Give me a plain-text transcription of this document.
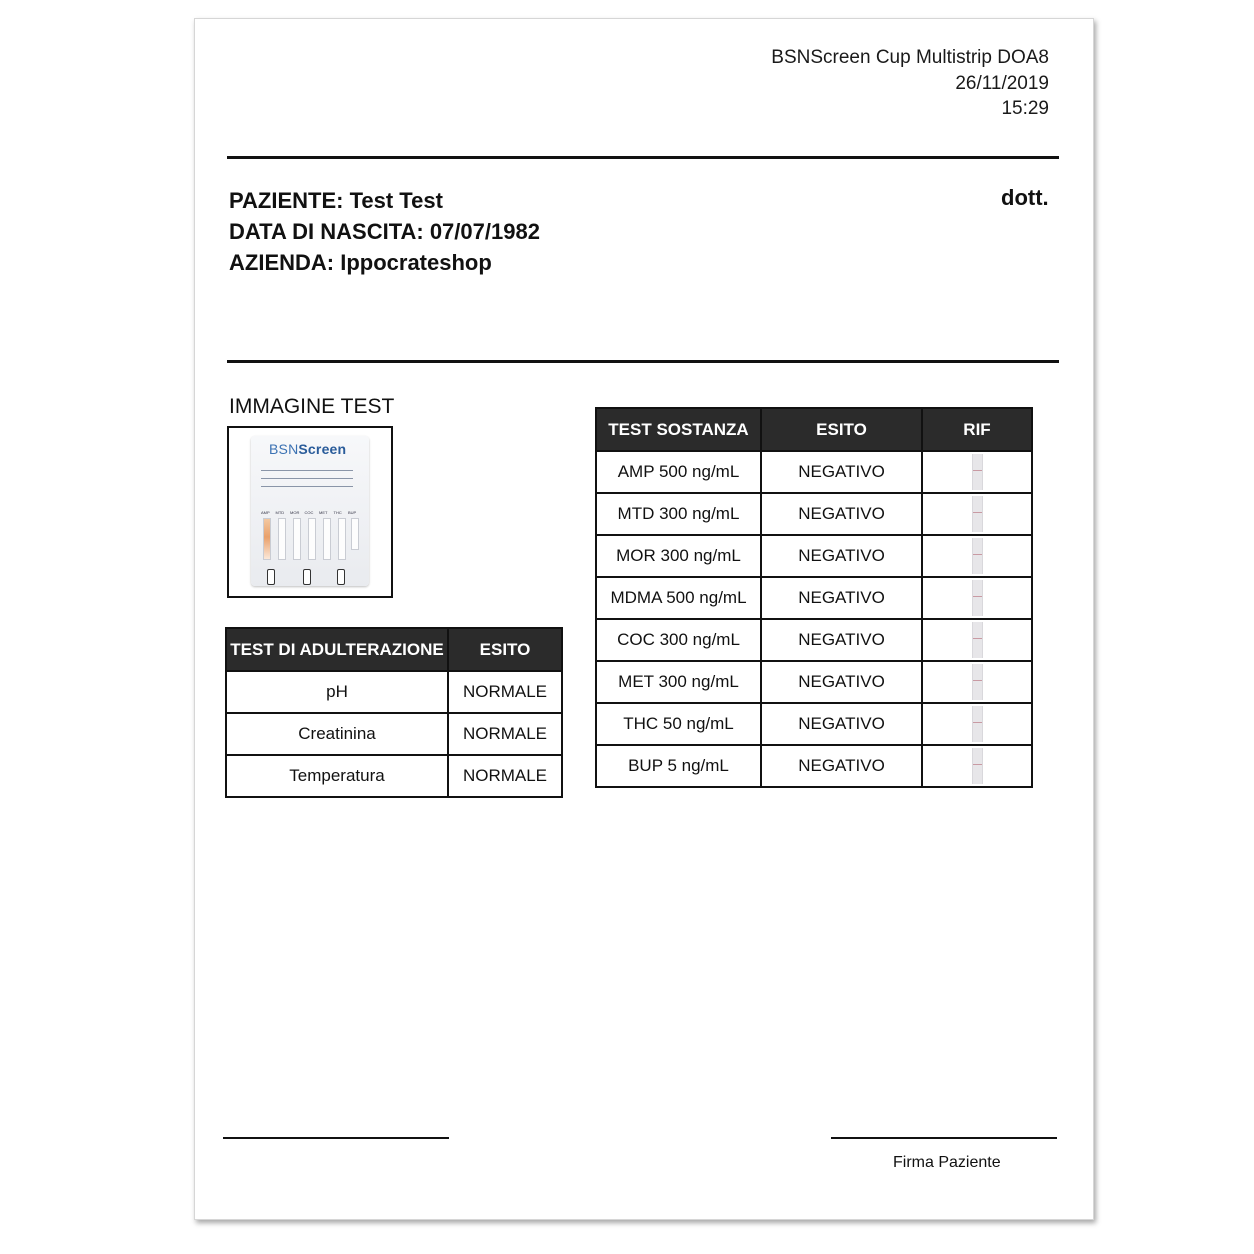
BSNScreen Cup Multistrip DOA8
26/11/2019
15:29
PAZIENTE: Test Test
DATA DI NASCITA: 07/07/1982
AZIENDA: Ippocrateshop
dott.
IMMAGINE TEST
BSNScreen
AMP MTD MOR COC MET THC BUP
TEST DI ADULTERAZIONE	ESITO
pH	NORMALE
Creatinina	NORMALE
Temperatura	NORMALE
TEST SOSTANZA	ESITO	RIF
AMP 500 ng/mL	NEGATIVO	
MTD 300 ng/mL	NEGATIVO	
MOR 300 ng/mL	NEGATIVO	
MDMA 500 ng/mL	NEGATIVO	
COC 300 ng/mL	NEGATIVO	
MET 300 ng/mL	NEGATIVO	
THC 50 ng/mL	NEGATIVO	
BUP 5 ng/mL	NEGATIVO	
Firma Paziente
